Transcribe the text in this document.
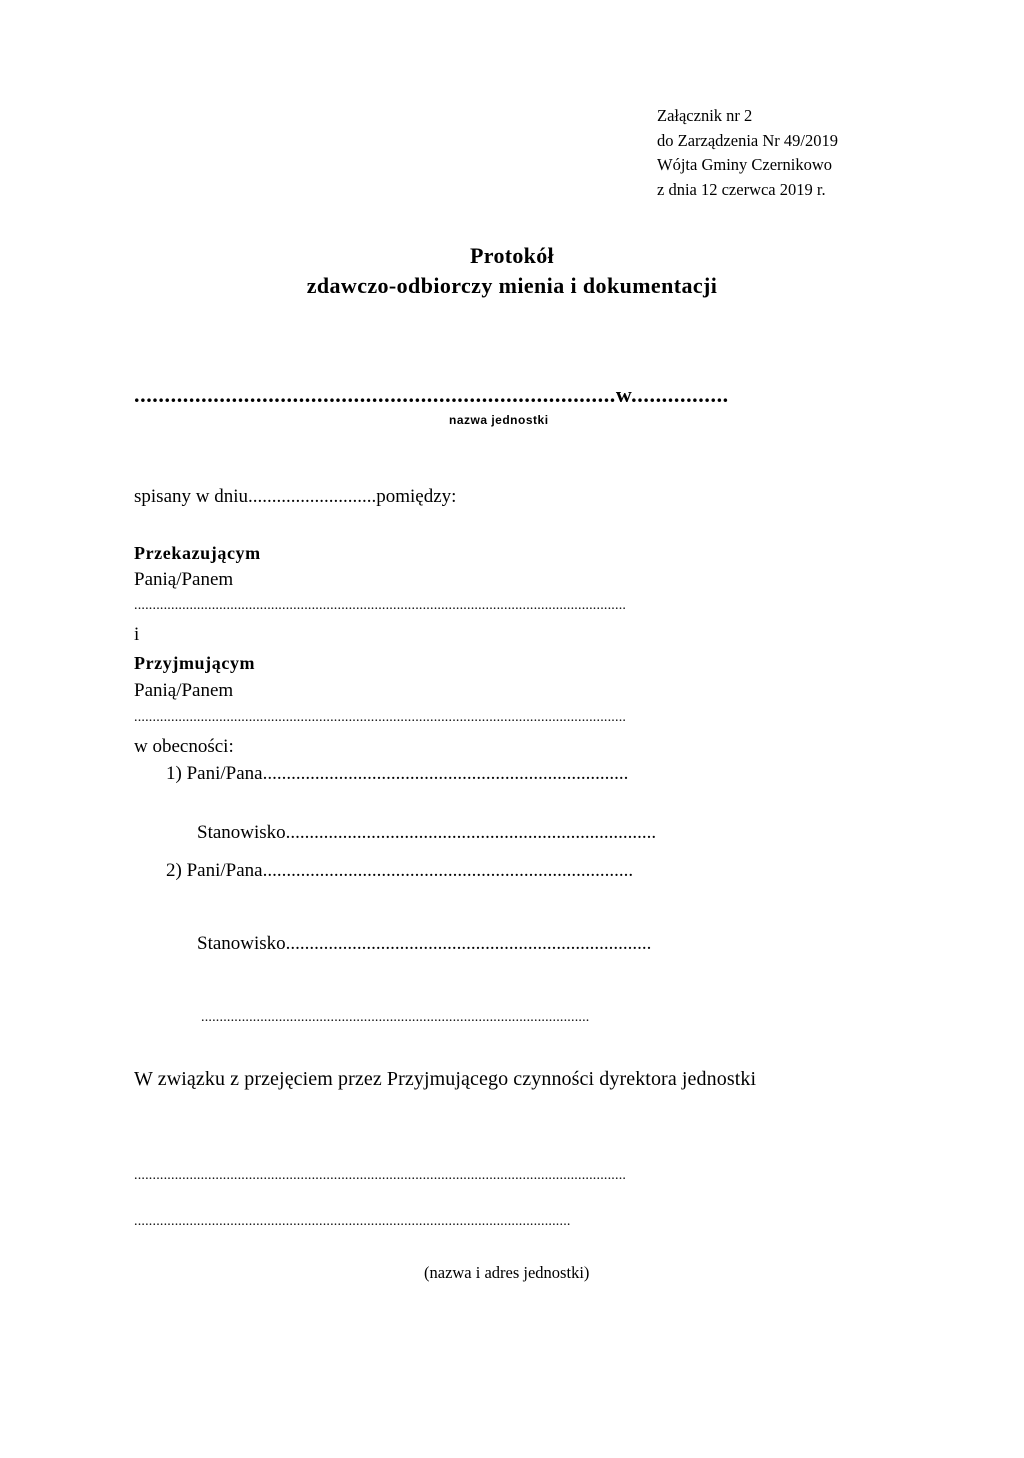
Załącznik nr 2
do Zarządzenia Nr 49/2019
Wójta Gminy Czernikowo
z dnia 12 czerwca 2019 r.
Protokół
zdawczo-odbiorczy mienia i dokumentacji
...............................................................................w................
nazwa jednostki
spisany w dniu...........................pomiędzy:
Przekazującym
Panią/Panem
.....................................................................................................................................
i
Przyjmującym
Panią/Panem
.....................................................................................................................................
w obecności:
1) Pani/Pana.............................................................................
Stanowisko..............................................................................
2) Pani/Pana..............................................................................
Stanowisko.............................................................................
.........................................................................................................
W związku z przejęciem przez Przyjmującego czynności dyrektora jednostki
.....................................................................................................................................
......................................................................................................................
(nazwa i adres jednostki)
